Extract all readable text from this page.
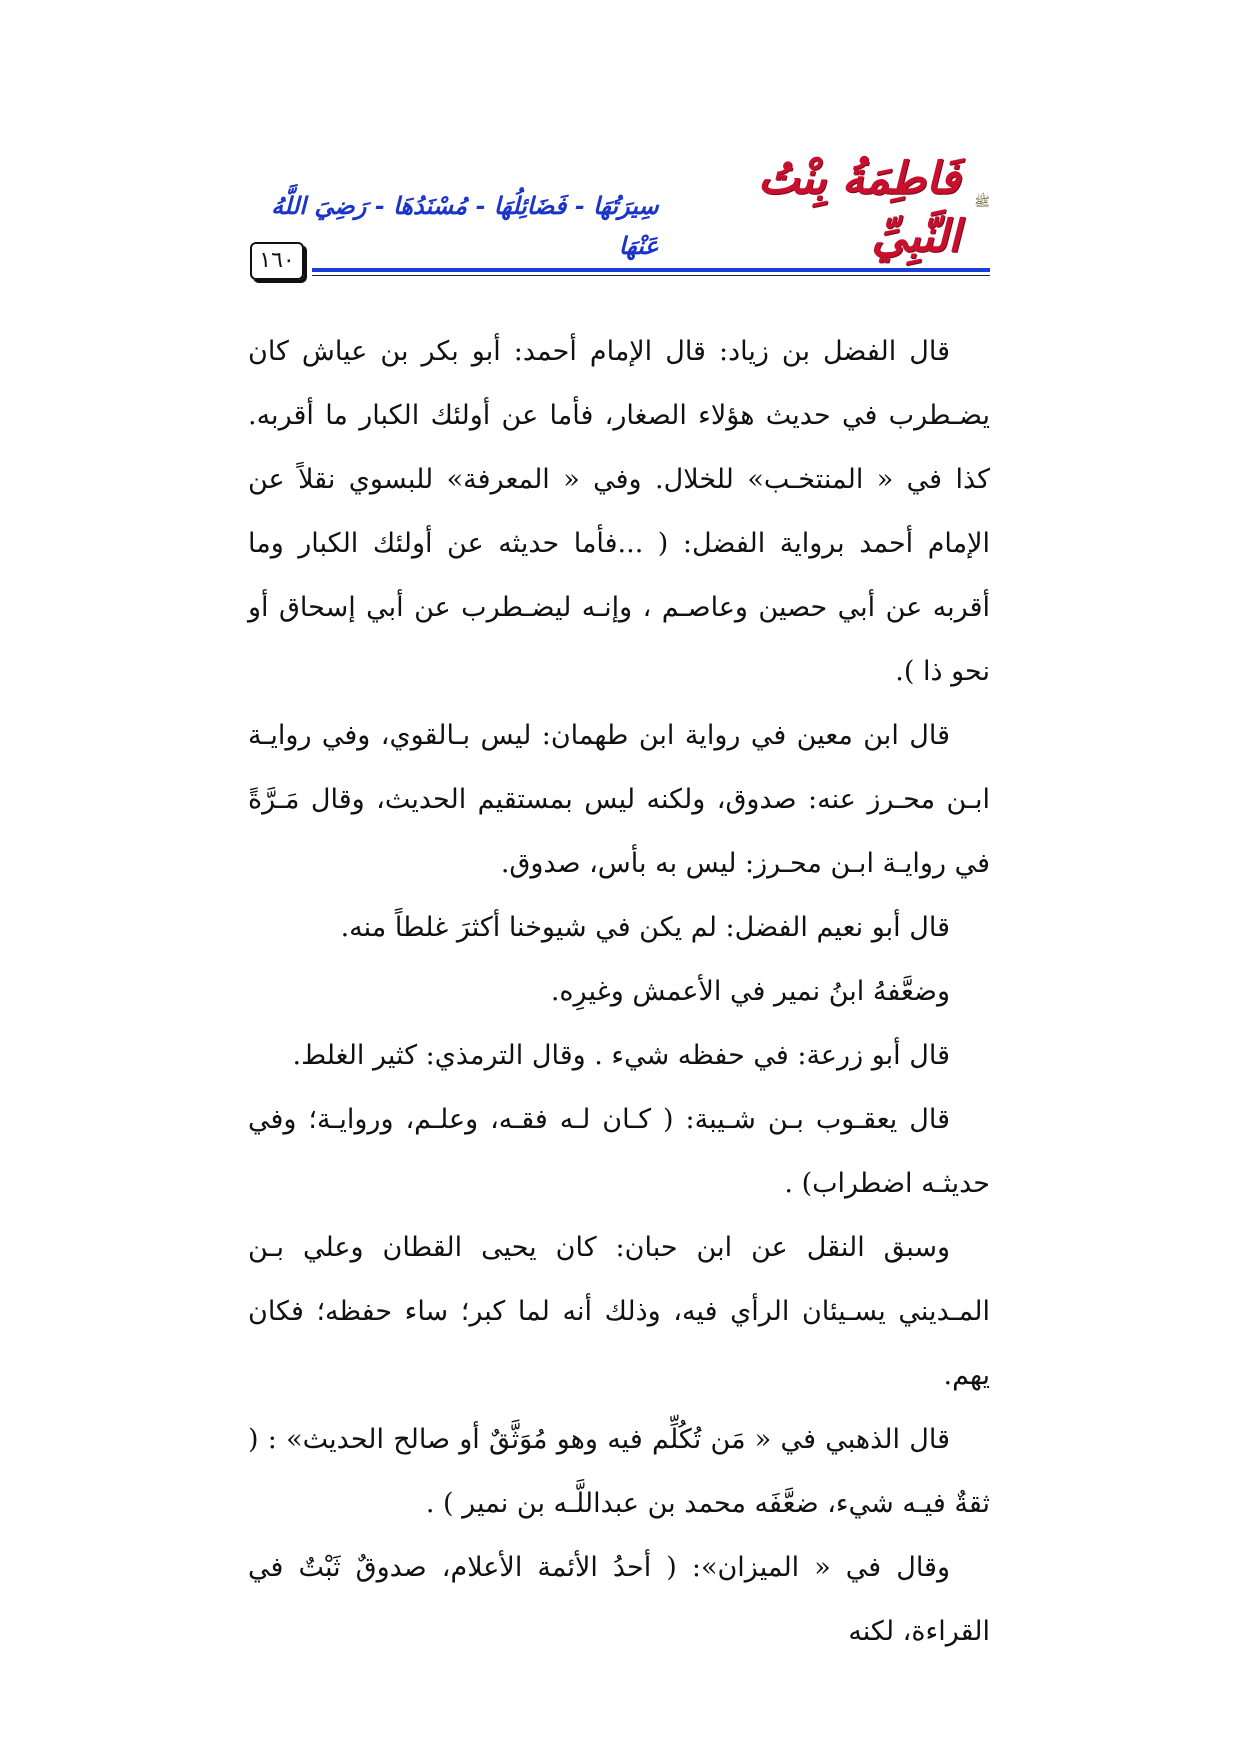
١٦٠
ﷺ
فَاطِمَةُ بِنْتُ النَّبِيِّ
سِيرَتُهَا - فَضَائِلُهَا - مُسْنَدُهَا - رَضِيَ اللَّهُ عَنْهَا

قال الفضل بن زياد: قال الإمام أحمد: أبو بكر بن عياش كان يضـطرب في حديث هؤلاء الصغار، فأما عن أولئك الكبار ما أقربه. كذا في « المنتخـب» للخلال. وفي « المعرفة» للبسوي نقلاً عن الإمام أحمد برواية الفضل: ( ...فأما حديثه عن أولئك الكبار وما أقربه عن أبي حصين وعاصـم ، وإنـه ليضـطرب عن أبي إسحاق أو نحو ذا ).

قال ابن معين في رواية ابن طهمان: ليس بـالقوي، وفي روايـة ابـن محـرز عنه: صدوق، ولكنه ليس بمستقيم الحديث، وقال مَـرَّةً في روايـة ابـن محـرز: ليس به بأس، صدوق.

قال أبو نعيم الفضل: لم يكن في شيوخنا أكثرَ غلطاً منه.

وضعَّفهُ ابنُ نمير في الأعمش وغيرِه.

قال أبو زرعة: في حفظه شيء . وقال الترمذي: كثير الغلط.

قال يعقـوب بـن شـيبة: ( كـان لـه فقـه، وعلـم، وروايـة؛ وفي حديثـه اضطراب) .

وسبق النقل عن ابن حبان: كان يحيى القطان وعلي بـن المـديني يسـيئان الرأي فيه، وذلك أنه لما كبر؛ ساء حفظه؛ فكان يهم.

قال الذهبي في « مَن تُكُلِّم فيه وهو مُوَثَّقٌ أو صالح الحديث» : ( ثقةٌ فيـه شيء، ضعَّفَه محمد بن عبداللَّـه بن نمير ) .

وقال في « الميزان»: ( أحدُ الأئمة الأعلام، صدوقٌ ثَبْتٌ في القراءة، لكنه
